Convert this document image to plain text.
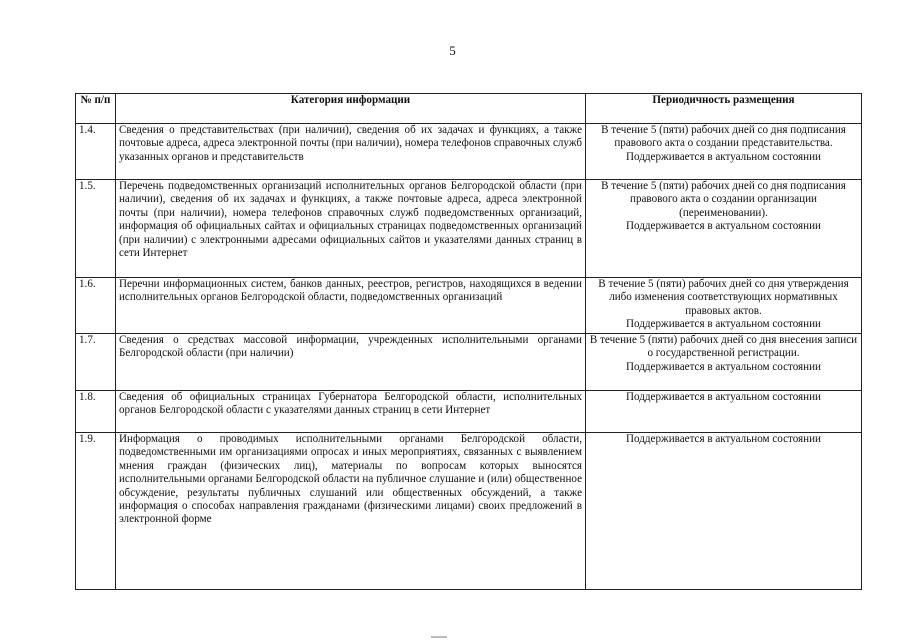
5
№ п/п	Категория информации	Периодичность размещения
1.4.	Сведения о представительствах (при наличии), сведения об их задачах и функциях, а также почтовые адреса, адреса электронной почты (при наличии), номера телефонов справочных служб указанных органов и представительств	В течение 5 (пяти) рабочих дней со дня подписания правового акта о создании представительства.
Поддерживается в актуальном состоянии

1.5.	Перечень подведомственных организаций исполнительных органов Белгородской области (при наличии), сведения об их задачах и функциях, а также почтовые адреса, адреса электронной почты (при наличии), номера телефонов справочных служб подведомственных организаций, информация об официальных сайтах и официальных страницах подведомственных организаций (при наличии) с электронными адресами официальных сайтов и указателями данных страниц в сети Интернет	В течение 5 (пяти) рабочих дней со дня подписания правового акта о создании организации (переименовании).
Поддерживается в актуальном состоянии

1.6.	Перечни информационных систем, банков данных, реестров, регистров, находящихся в ведении исполнительных органов Белгородской области, подведомственных организаций	В течение 5 (пяти) рабочих дней со дня утверждения либо изменения соответствующих нормативных правовых актов.
Поддерживается в актуальном состоянии

1.7.	Сведения о средствах массовой информации, учрежденных исполнительными органами Белгородской области (при наличии)	В течение 5 (пяти) рабочих дней со дня внесения записи о государственной регистрации.
Поддерживается в актуальном состоянии

1.8.	Сведения об официальных страницах Губернатора Белгородской области, исполнительных органов Белгородской области с указателями данных страниц в сети Интернет	Поддерживается в актуальном состоянии

1.9.	Информация о проводимых исполнительными органами Белгородской области, подведомственными им организациями опросах и иных мероприятиях, связанных с выявлением мнения граждан (физических лиц), материалы по вопросам которых выносятся исполнительными органами Белгородской области на публичное слушание и (или) общественное обсуждение, результаты публичных слушаний или общественных обсуждений, а также информация о способах направления гражданами (физическими лицами) своих предложений в электронной форме	Поддерживается в актуальном состоянии
